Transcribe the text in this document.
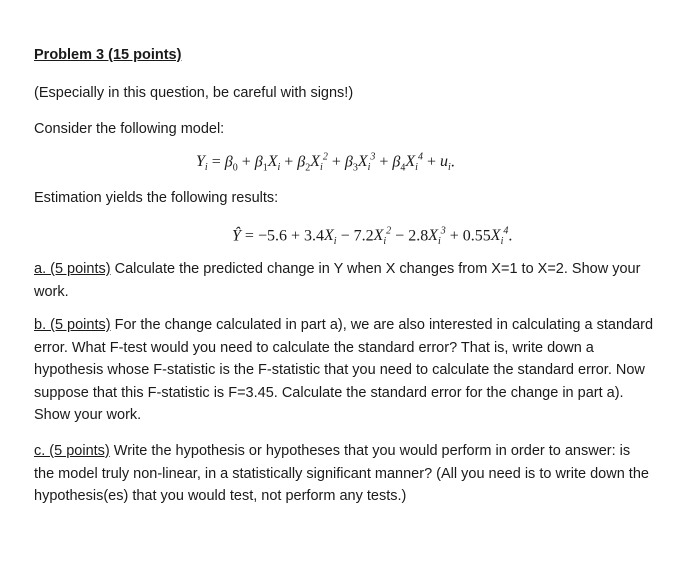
Problem 3 (15 points)

(Especially in this question, be careful with signs!)

Consider the following model:

$Y_i = \beta_0 + \beta_1X_i + \beta_2X_i^2 + \beta_3X_i^3 + \beta_4X_i^4 + u_i$.

Estimation yields the following results:

Ŷ = $-5.6 + 3.4X_i - 7.2X_i^2 - 2.8X_i^3 + 0.55X_i^4$.

a. (5 points) Calculate the predicted change in Y when X changes from X=1 to X=2. Show your work.

b. (5 points) For the change calculated in part a), we are also interested in calculating a standard error. What F-test would you need to calculate the standard error? That is, write down a hypothesis whose F-statistic is the F-statistic that you need to calculate the standard error. Now suppose that this F-statistic is F=3.45. Calculate the standard error for the change in part a). Show your work.

c. (5 points) Write the hypothesis or hypotheses that you would perform in order to answer: is the model truly non-linear, in a statistically significant manner? (All you need is to write down the hypothesis(es) that you would test, not perform any tests.)
